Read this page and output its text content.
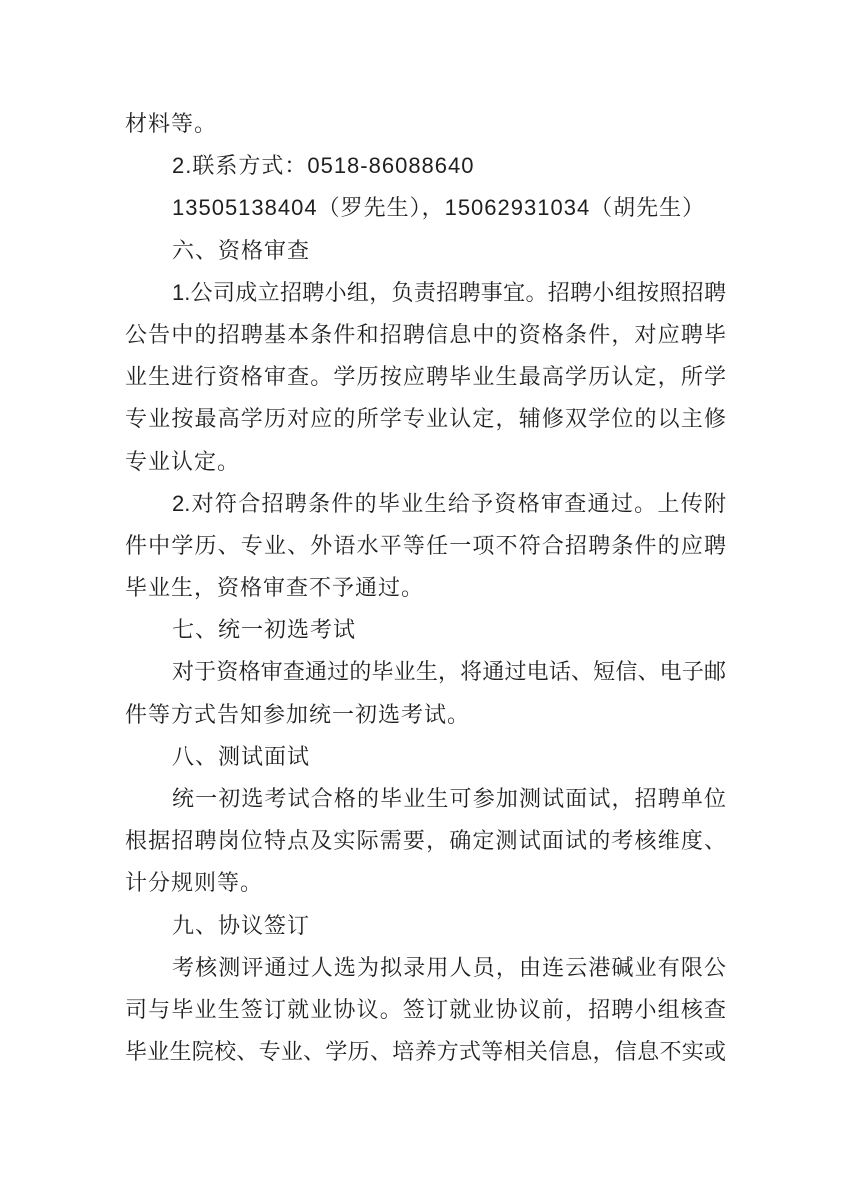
材料等。
2.联系方式：0518-86088640
13505138404（罗先生），15062931034（胡先生）
六、资格审查
1.公司成立招聘小组，负责招聘事宜。招聘小组按照招聘
公告中的招聘基本条件和招聘信息中的资格条件，对应聘毕
业生进行资格审查。学历按应聘毕业生最高学历认定，所学
专业按最高学历对应的所学专业认定，辅修双学位的以主修
专业认定。
2.对符合招聘条件的毕业生给予资格审查通过。上传附
件中学历、专业、外语水平等任一项不符合招聘条件的应聘
毕业生，资格审查不予通过。
七、统一初选考试
对于资格审查通过的毕业生，将通过电话、短信、电子邮
件等方式告知参加统一初选考试。
八、测试面试
统一初选考试合格的毕业生可参加测试面试，招聘单位
根据招聘岗位特点及实际需要，确定测试面试的考核维度、
计分规则等。
九、协议签订
考核测评通过人选为拟录用人员，由连云港碱业有限公
司与毕业生签订就业协议。签订就业协议前，招聘小组核查
毕业生院校、专业、学历、培养方式等相关信息，信息不实或
